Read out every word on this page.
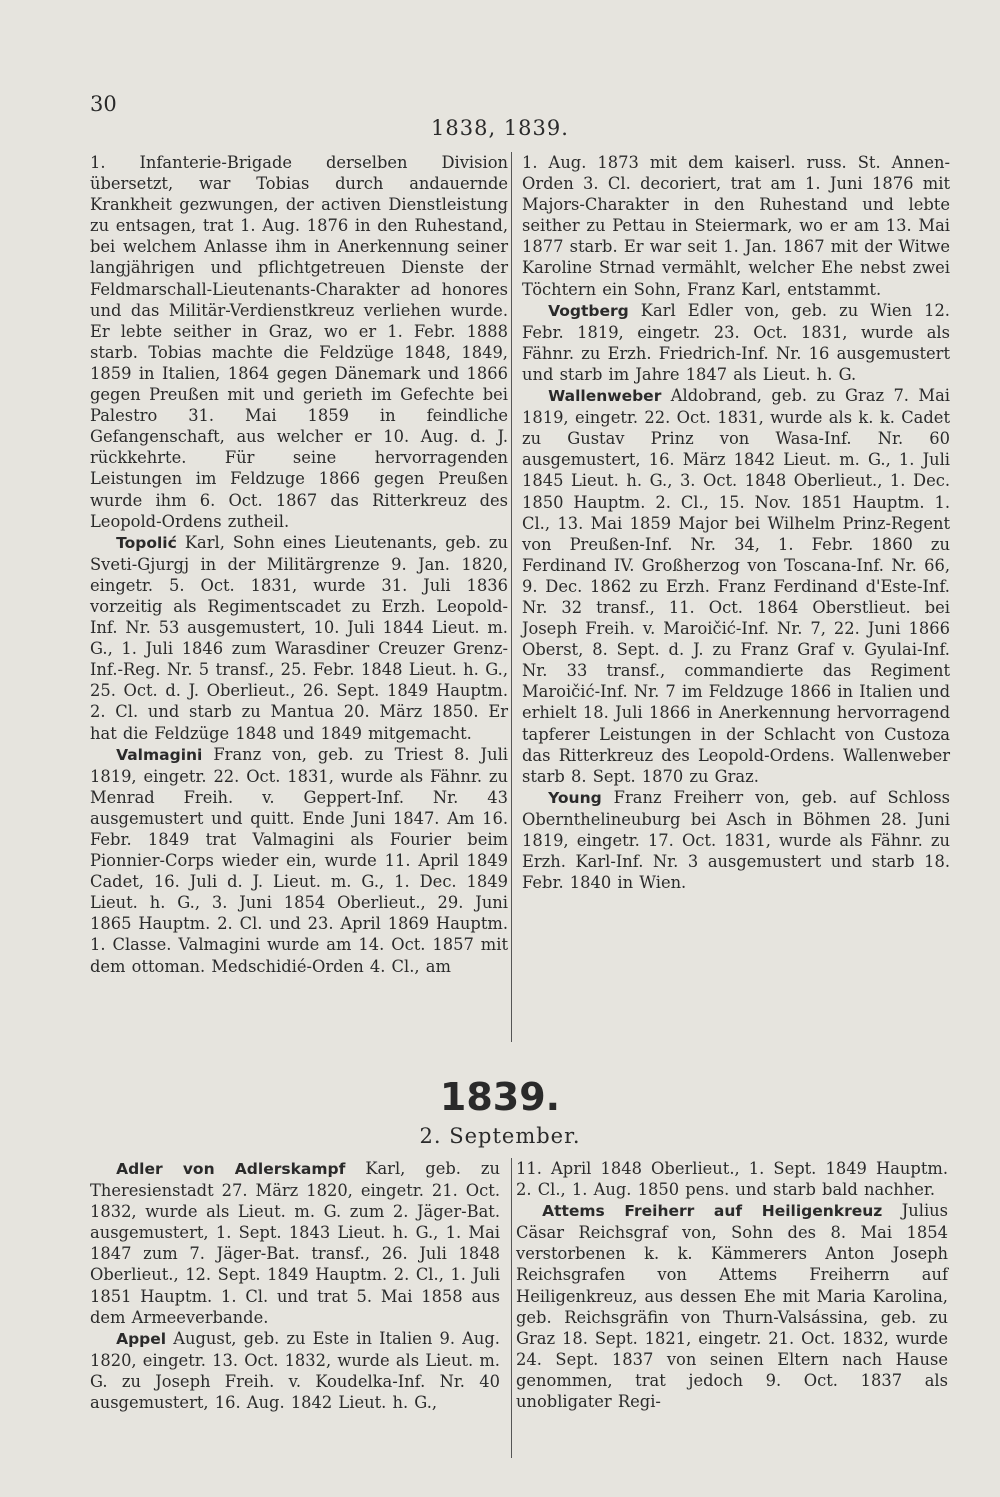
30
1838, 1839.

1. Infanterie-Brigade derselben Division übersetzt, war Tobias durch andauernde Krankheit gezwungen, der activen Dienstleistung zu entsagen, trat 1. Aug. 1876 in den Ruhestand, bei welchem Anlasse ihm in Anerkennung seiner langjährigen und pflichtgetreuen Dienste der Feldmarschall-Lieutenants-Charakter ad honores und das Militär-Verdienstkreuz verliehen wurde. Er lebte seither in Graz, wo er 1. Febr. 1888 starb. Tobias machte die Feldzüge 1848, 1849, 1859 in Italien, 1864 gegen Dänemark und 1866 gegen Preußen mit und gerieth im Gefechte bei Palestro 31. Mai 1859 in feindliche Gefangenschaft, aus welcher er 10. Aug. d. J. rückkehrte. Für seine hervorragenden Leistungen im Feldzuge 1866 gegen Preußen wurde ihm 6. Oct. 1867 das Ritterkreuz des Leopold-Ordens zutheil.

Topolić Karl, Sohn eines Lieutenants, geb. zu Sveti-Gjurgj in der Militärgrenze 9. Jan. 1820, eingetr. 5. Oct. 1831, wurde 31. Juli 1836 vorzeitig als Regimentscadet zu Erzh. Leopold-Inf. Nr. 53 ausgemustert, 10. Juli 1844 Lieut. m. G., 1. Juli 1846 zum Warasdiner Creuzer Grenz-Inf.-Reg. Nr. 5 transf., 25. Febr. 1848 Lieut. h. G., 25. Oct. d. J. Oberlieut., 26. Sept. 1849 Hauptm. 2. Cl. und starb zu Mantua 20. März 1850. Er hat die Feldzüge 1848 und 1849 mitgemacht.

Valmagini Franz von, geb. zu Triest 8. Juli 1819, eingetr. 22. Oct. 1831, wurde als Fähnr. zu Menrad Freih. v. Geppert-Inf. Nr. 43 ausgemustert und quitt. Ende Juni 1847. Am 16. Febr. 1849 trat Valmagini als Fourier beim Pionnier-Corps wieder ein, wurde 11. April 1849 Cadet, 16. Juli d. J. Lieut. m. G., 1. Dec. 1849 Lieut. h. G., 3. Juni 1854 Oberlieut., 29. Juni 1865 Hauptm. 2. Cl. und 23. April 1869 Hauptm. 1. Classe. Valmagini wurde am 14. Oct. 1857 mit dem ottoman. Medschidié-Orden 4. Cl., am

1. Aug. 1873 mit dem kaiserl. russ. St. Annen-Orden 3. Cl. decoriert, trat am 1. Juni 1876 mit Majors-Charakter in den Ruhestand und lebte seither zu Pettau in Steiermark, wo er am 13. Mai 1877 starb. Er war seit 1. Jan. 1867 mit der Witwe Karoline Strnad vermählt, welcher Ehe nebst zwei Töchtern ein Sohn, Franz Karl, entstammt.

Vogtberg Karl Edler von, geb. zu Wien 12. Febr. 1819, eingetr. 23. Oct. 1831, wurde als Fähnr. zu Erzh. Friedrich-Inf. Nr. 16 ausgemustert und starb im Jahre 1847 als Lieut. h. G.

Wallenweber Aldobrand, geb. zu Graz 7. Mai 1819, eingetr. 22. Oct. 1831, wurde als k. k. Cadet zu Gustav Prinz von Wasa-Inf. Nr. 60 ausgemustert, 16. März 1842 Lieut. m. G., 1. Juli 1845 Lieut. h. G., 3. Oct. 1848 Oberlieut., 1. Dec. 1850 Hauptm. 2. Cl., 15. Nov. 1851 Hauptm. 1. Cl., 13. Mai 1859 Major bei Wilhelm Prinz-Regent von Preußen-Inf. Nr. 34, 1. Febr. 1860 zu Ferdinand IV. Großherzog von Toscana-Inf. Nr. 66, 9. Dec. 1862 zu Erzh. Franz Ferdinand d'Este-Inf. Nr. 32 transf., 11. Oct. 1864 Oberstlieut. bei Joseph Freih. v. Maroičić-Inf. Nr. 7, 22. Juni 1866 Oberst, 8. Sept. d. J. zu Franz Graf v. Gyulai-Inf. Nr. 33 transf., commandierte das Regiment Maroičić-Inf. Nr. 7 im Feldzuge 1866 in Italien und erhielt 18. Juli 1866 in Anerkennung hervorragend tapferer Leistungen in der Schlacht von Custoza das Ritterkreuz des Leopold-Ordens. Wallenweber starb 8. Sept. 1870 zu Graz.

Young Franz Freiherr von, geb. auf Schloss Obernthelineuburg bei Asch in Böhmen 28. Juni 1819, eingetr. 17. Oct. 1831, wurde als Fähnr. zu Erzh. Karl-Inf. Nr. 3 ausgemustert und starb 18. Febr. 1840 in Wien.

1839.
2. September.

Adler von Adlerskampf Karl, geb. zu Theresienstadt 27. März 1820, eingetr. 21. Oct. 1832, wurde als Lieut. m. G. zum 2. Jäger-Bat. ausgemustert, 1. Sept. 1843 Lieut. h. G., 1. Mai 1847 zum 7. Jäger-Bat. transf., 26. Juli 1848 Oberlieut., 12. Sept. 1849 Hauptm. 2. Cl., 1. Juli 1851 Hauptm. 1. Cl. und trat 5. Mai 1858 aus dem Armeeverbande.

Appel August, geb. zu Este in Italien 9. Aug. 1820, eingetr. 13. Oct. 1832, wurde als Lieut. m. G. zu Joseph Freih. v. Koudelka-Inf. Nr. 40 ausgemustert, 16. Aug. 1842 Lieut. h. G.,

11. April 1848 Oberlieut., 1. Sept. 1849 Hauptm. 2. Cl., 1. Aug. 1850 pens. und starb bald nachher.

Attems Freiherr auf Heiligenkreuz Julius Cäsar Reichsgraf von, Sohn des 8. Mai 1854 verstorbenen k. k. Kämmerers Anton Joseph Reichsgrafen von Attems Freiherrn auf Heiligenkreuz, aus dessen Ehe mit Maria Karolina, geb. Reichsgräfin von Thurn-Valsássina, geb. zu Graz 18. Sept. 1821, eingetr. 21. Oct. 1832, wurde 24. Sept. 1837 von seinen Eltern nach Hause genommen, trat jedoch 9. Oct. 1837 als unobligater Regi-
